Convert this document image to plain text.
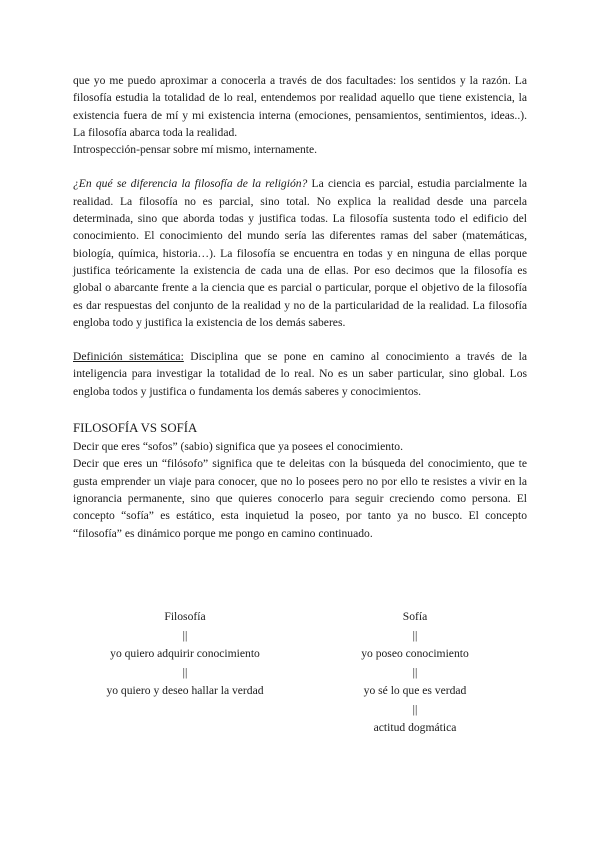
que yo me puedo aproximar a conocerla a través de dos facultades: los sentidos y la razón. La filosofía estudia la totalidad de lo real, entendemos por realidad aquello que tiene existencia, la existencia fuera de mí y mi existencia interna (emociones, pensamientos, sentimientos, ideas..). La filosofía abarca toda la realidad.

Introspección-pensar sobre mí mismo, internamente.

¿En qué se diferencia la filosofía de la religión? La ciencia es parcial, estudia parcialmente la realidad. La filosofía no es parcial, sino total. No explica la realidad desde una parcela determinada, sino que aborda todas y justifica todas. La filosofía sustenta todo el edificio del conocimiento. El conocimiento del mundo sería las diferentes ramas del saber (matemáticas, biología, química, historia…). La filosofía se encuentra en todas y en ninguna de ellas porque justifica teóricamente la existencia de cada una de ellas. Por eso decimos que la filosofía es global o abarcante frente a la ciencia que es parcial o particular, porque el objetivo de la filosofía es dar respuestas del conjunto de la realidad y no de la particularidad de la realidad. La filosofía engloba todo y justifica la existencia de los demás saberes.

Definición sistemática: Disciplina que se pone en camino al conocimiento a través de la inteligencia para investigar la totalidad de lo real. No es un saber particular, sino global. Los engloba todos y justifica o fundamenta los demás saberes y conocimientos.

FILOSOFÍA VS SOFÍA

Decir que eres “sofos” (sabio) significa que ya posees el conocimiento.

Decir que eres un “filósofo” significa que te deleitas con la búsqueda del conocimiento, que te gusta emprender un viaje para conocer, que no lo posees pero no por ello te resistes a vivir en la ignorancia permanente, sino que quieres conocerlo para seguir creciendo como persona. El concepto “sofía” es estático, esta inquietud la poseo, por tanto ya no busco. El concepto “filosofía” es dinámico porque me pongo en camino continuado.

Filosofía
||
yo quiero adquirir conocimiento
||
yo quiero y deseo hallar la verdad
Sofía
||
yo poseo conocimiento
||
yo sé lo que es verdad
||
actitud dogmática
